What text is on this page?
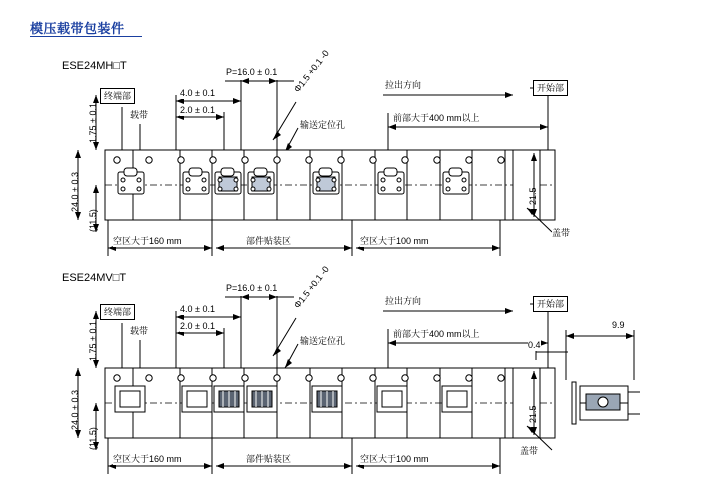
模压载带包装件
ESE24MH□T	P=16.0 ± 0.1
终端部	4.0 ± 0.1
载带	2.0 ± 0.1
Φ1.5 +0.1 -0
输送定位孔
拉出方向	开始部
前部大于400 mm以上
1.75 ± 0.1
24.0 ± 0.3
(11.5)
21.5
空区大于160 mm	部件贴装区	空区大于100 mm
盖带
ESE24MV□T
P=16.0 ± 0.1
终端部	4.0 ± 0.1
载带	2.0 ± 0.1
Φ1.5 +0.1 -0
输送定位孔
拉出方向	开始部
前部大于400 mm以上
1.75 ± 0.1
24.0 ± 0.3
(11.5)
21.5
空区大于160 mm	部件贴装区	空区大于100 mm
盖带
0.4
9.9
